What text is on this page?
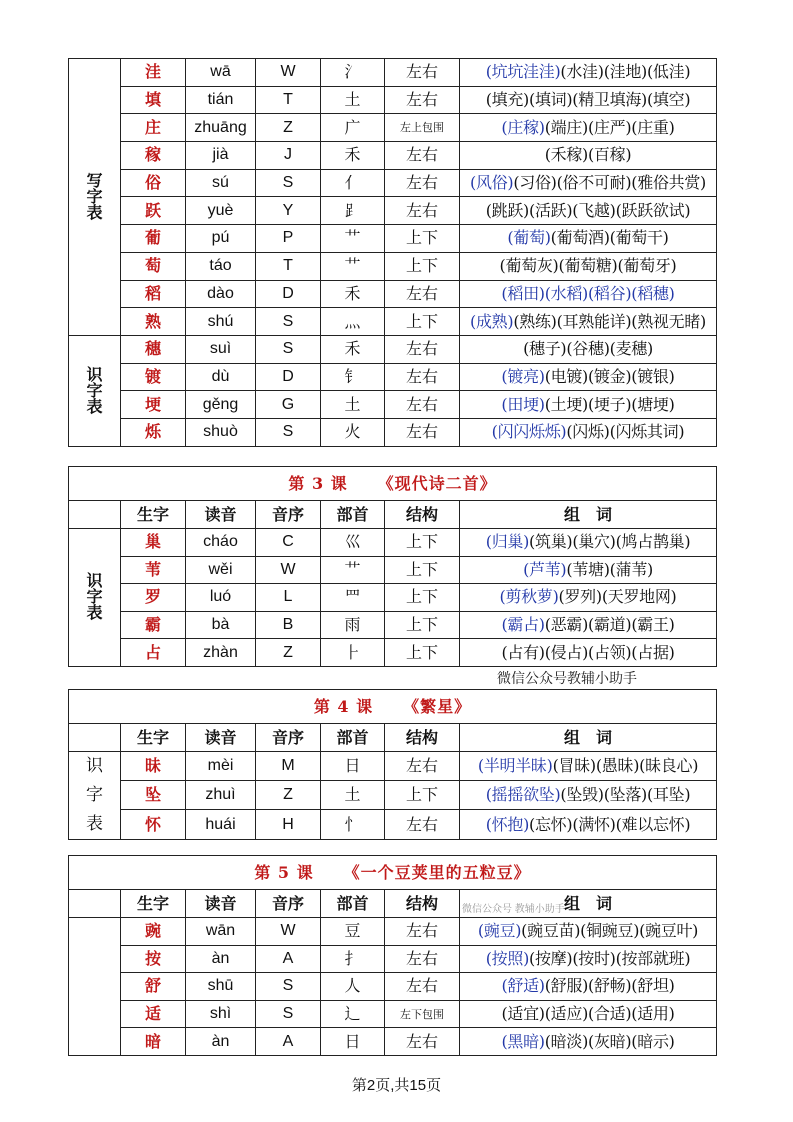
写字表	洼	wā	W	氵	左右	(坑坑洼洼)(水洼)(洼地)(低洼)
	填	tián	T	土	左右	(填充)(填词)(精卫填海)(填空)
	庄	zhuāng	Z	广	左上包围	(庄稼)(端庄)(庄严)(庄重)
	稼	jià	J	禾	左右	(禾稼)(百稼)
	俗	sú	S	亻	左右	(风俗)(习俗)(俗不可耐)(雅俗共赏)
	跃	yuè	Y	⻊	左右	(跳跃)(活跃)(飞越)(跃跃欲试)
	葡	pú	P	艹	上下	(葡萄)(葡萄酒)(葡萄干)
	萄	táo	T	艹	上下	(葡萄灰)(葡萄糖)(葡萄牙)
	稻	dào	D	禾	左右	(稻田)(水稻)(稻谷)(稻穗)
	熟	shú	S	灬	上下	(成熟)(熟练)(耳熟能详)(熟视无睹)
识字表	穗	suì	S	禾	左右	(穗子)(谷穗)(麦穗)
	镀	dù	D	钅	左右	(镀亮)(电镀)(镀金)(镀银)
	埂	gěng	G	土	左右	(田埂)(土埂)(埂子)(塘埂)
	烁	shuò	S	火	左右	(闪闪烁烁)(闪烁)(闪烁其词)
第 3 课 《现代诗二首》						
	生字	读音	音序	部首	结构	组　词
识字表	巢	cháo	C	巛	上下	(归巢)(筑巢)(巢穴)(鸠占鹊巢)
	苇	wěi	W	艹	上下	(芦苇)(苇塘)(蒲苇)
	罗	luó	L	罒	上下	(剪秋萝)(罗列)(天罗地网)
	霸	bà	B	雨	上下	(霸占)(恶霸)(霸道)(霸王)
	占	zhàn	Z	⺊	上下	(占有)(侵占)(占领)(占据)
微信公众号教辅小助手
第 4 课 《繁星》						
	生字	读音	音序	部首	结构	组　词
识字表	昧	mèi	M	日	左右	(半明半昧)(冒昧)(愚昧)(昧良心)
	坠	zhuì	Z	土	上下	(摇摇欲坠)(坠毁)(坠落)(耳坠)
	怀	huái	H	忄	左右	(怀抱)(忘怀)(满怀)(难以忘怀)
第 5 课 《一个豆荚里的五粒豆》						
	生字	读音	音序	部首	结构	组　词
	豌	wān	W	豆	左右	(豌豆)(豌豆苗)(铜豌豆)(豌豆叶)
	按	àn	A	扌	左右	(按照)(按摩)(按时)(按部就班)
	舒	shū	S	人	左右	(舒适)(舒服)(舒畅)(舒坦)
	适	shì	S	辶	左下包围	(适宜)(适应)(合适)(适用)
	暗	àn	A	日	左右	(黑暗)(暗淡)(灰暗)(暗示)
微信公众号 教辅小助手
第2页,共15页
